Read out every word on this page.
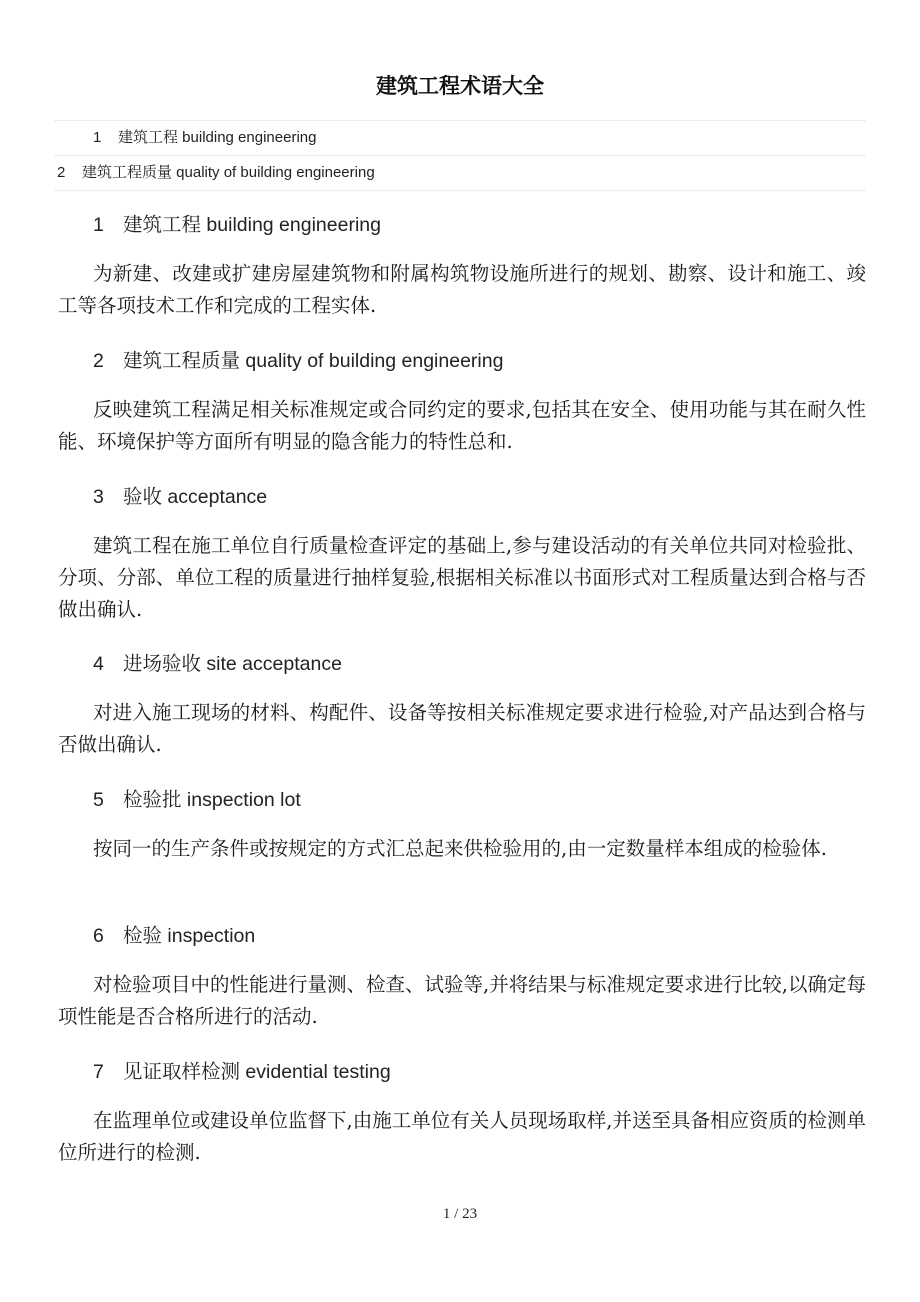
建筑工程术语大全
1 建筑工程 building engineering
2 建筑工程质量 quality of building engineering
1 建筑工程 building engineering

为新建、改建或扩建房屋建筑物和附属构筑物设施所进行的规划、勘察、设计和施工、竣工等各项技术工作和完成的工程实体.

2 建筑工程质量 quality of building engineering

反映建筑工程满足相关标准规定或合同约定的要求,包括其在安全、使用功能与其在耐久性能、环境保护等方面所有明显的隐含能力的特性总和.

3 验收 acceptance

建筑工程在施工单位自行质量检查评定的基础上,参与建设活动的有关单位共同对检验批、分项、分部、单位工程的质量进行抽样复验,根据相关标准以书面形式对工程质量达到合格与否做出确认.

4 进场验收 site acceptance

对进入施工现场的材料、构配件、设备等按相关标准规定要求进行检验,对产品达到合格与否做出确认.

5 检验批 inspection lot

按同一的生产条件或按规定的方式汇总起来供检验用的,由一定数量样本组成的检验体.

6 检验 inspection

对检验项目中的性能进行量测、检查、试验等,并将结果与标准规定要求进行比较,以确定每项性能是否合格所进行的活动.

7 见证取样检测 evidential testing

在监理单位或建设单位监督下,由施工单位有关人员现场取样,并送至具备相应资质的检测单位所进行的检测.

1 / 23
